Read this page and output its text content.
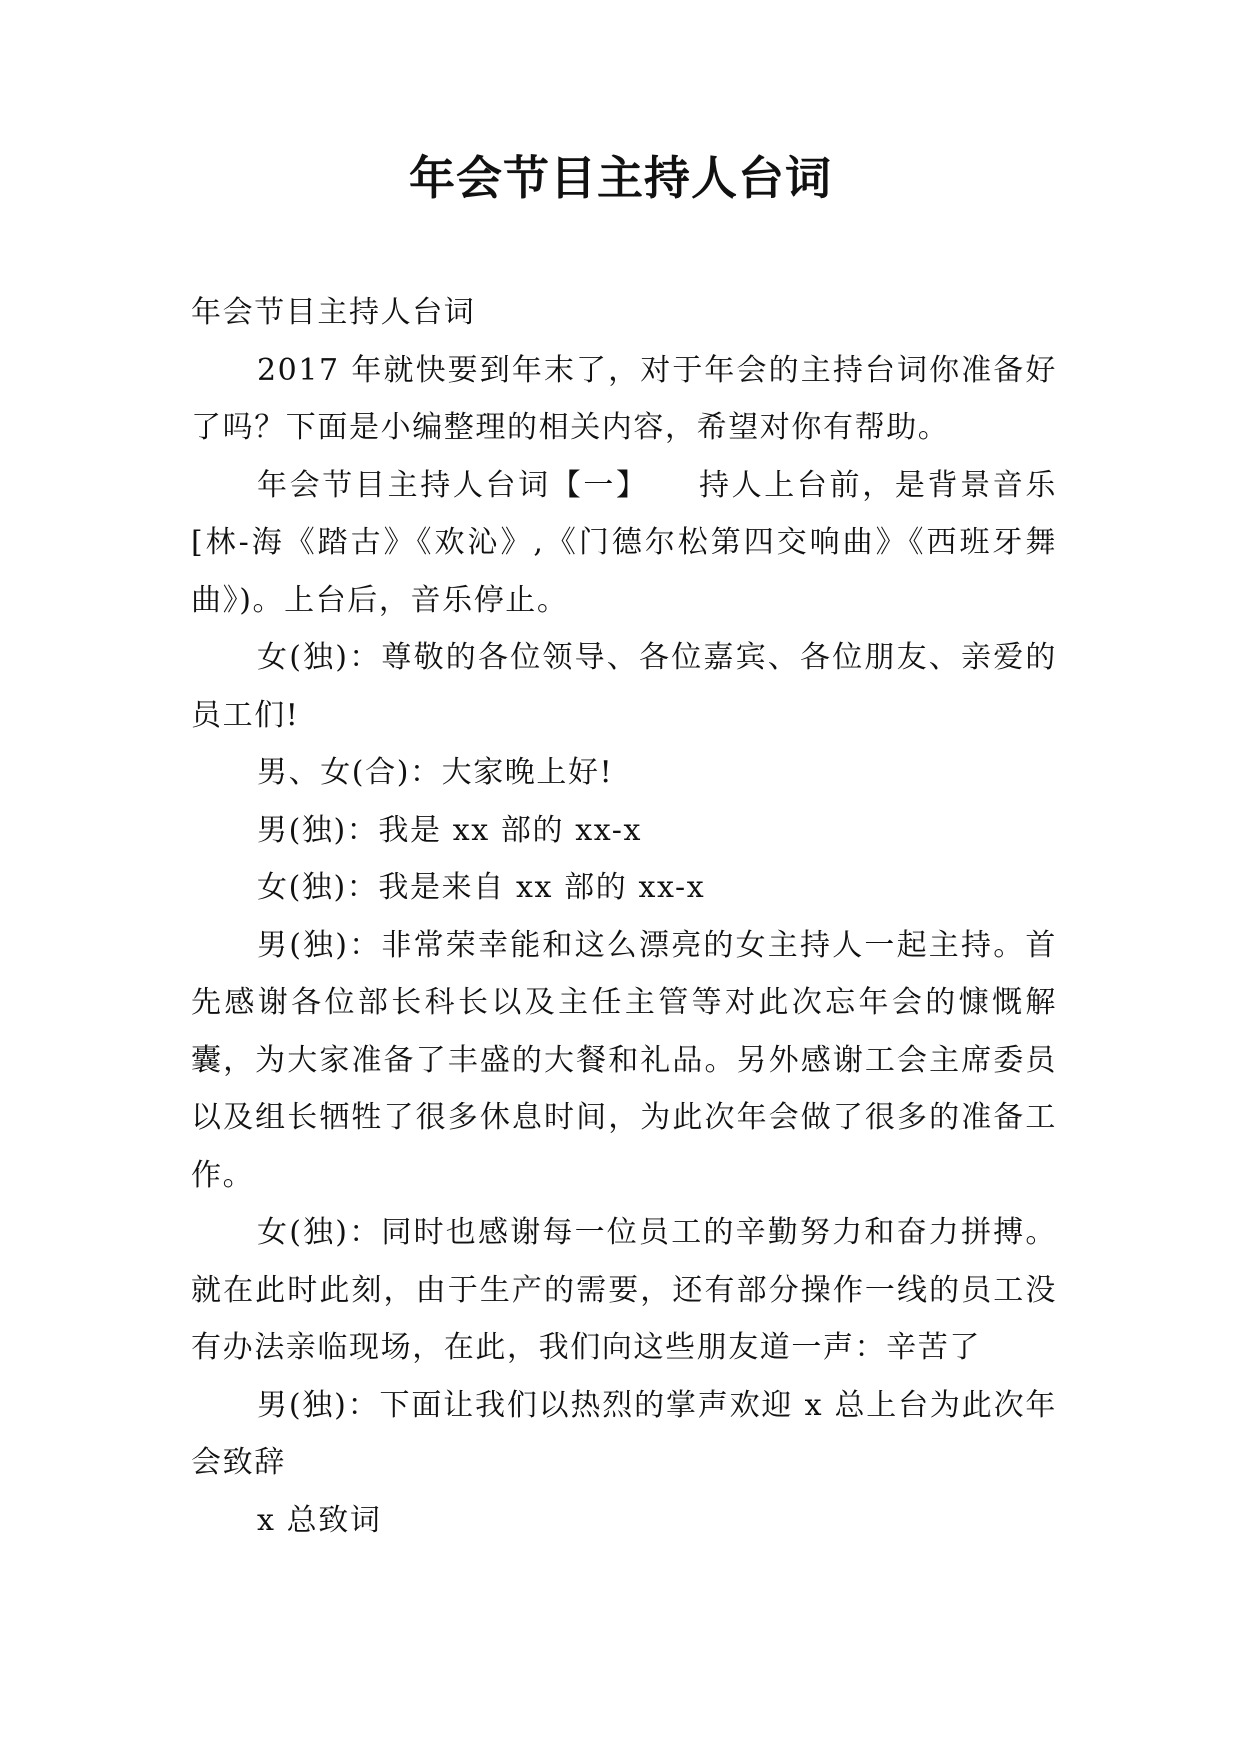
年会节目主持人台词

年会节目主持人台词

2017 年就快要到年末了，对于年会的主持台词你准备好了吗？下面是小编整理的相关内容，希望对你有帮助。

年会节目主持人台词【一】　　持人上台前，是背景音乐[林-海《踏古》《欢沁》,《门德尔松第四交响曲》《西班牙舞曲》)。上台后，音乐停止。

女(独)：尊敬的各位领导、各位嘉宾、各位朋友、亲爱的员工们!

男、女(合)：大家晚上好!

男(独)：我是 xx 部的 xx-x

女(独)：我是来自 xx 部的 xx-x

男(独)：非常荣幸能和这么漂亮的女主持人一起主持。首先感谢各位部长科长以及主任主管等对此次忘年会的慷慨解囊，为大家准备了丰盛的大餐和礼品。另外感谢工会主席委员以及组长牺牲了很多休息时间，为此次年会做了很多的准备工作。

女(独)：同时也感谢每一位员工的辛勤努力和奋力拼搏。就在此时此刻，由于生产的需要，还有部分操作一线的员工没有办法亲临现场，在此，我们向这些朋友道一声：辛苦了

男(独)：下面让我们以热烈的掌声欢迎 x 总上台为此次年会致辞

x 总致词
